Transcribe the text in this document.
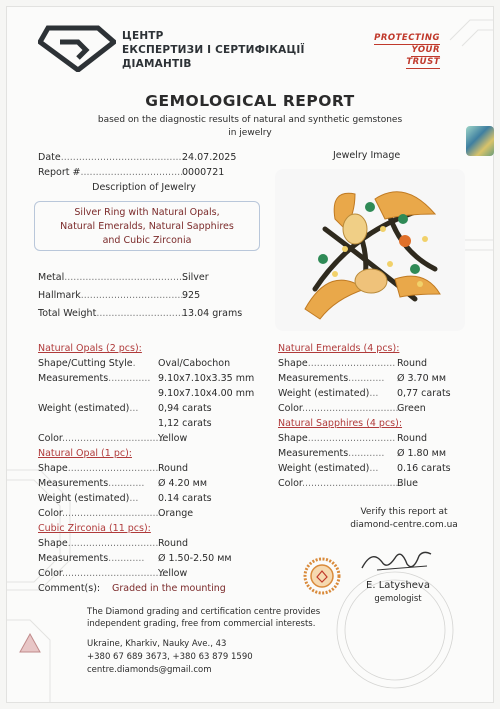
ЦЕНТР
ЕКСПЕРТИЗИ І СЕРТИФІКАЦІЇ
ДІАМАНТІВ
PROTECTING
YOUR
TRUST
GEMOLOGICAL REPORT
based on the diagnostic results of natural and synthetic gemstones
in jewelry
Date..........................................
24.07.2025
Report #...................................
0000721
Description of Jewelry
Silver Ring with Natural Opals,
Natural Emeralds, Natural Sapphires
and Cubic Zirconia
Jewelry Image
Metal.........................................
Silver
Hallmark...................................
925
Total Weight..............................
13.04 grams
Natural Opals (2 pcs):
Shape/Cutting Style. Oval/Cabochon
Measurements.............. 9.10x7.10x3.35 mm
9.10x7.10x4.00 mm
Weight (estimated)... 0,94 carats
1,12 carats
Color..................................
Yellow
Natural Opal (1 pc):
Shape.............................. Round
Measurements............ Ø 4.20 мм
Weight (estimated)... 0.14 carats
Color..................................
Orange
Cubic Zirconia (11 pcs):
Shape.............................. Round
Measurements............ Ø 1.50-2.50 мм
Color..................................
Yellow
Comment(s): Graded in the mounting
Natural Emeralds (4 pcs):
Shape............................. Round
Measurements............ Ø 3.70 мм
Weight (estimated)... 0,77 carats
Color.................................
Green
Natural Sapphires (4 pcs):
Shape............................. Round
Measurements............ Ø 1.80 мм
Weight (estimated)... 0.16 carats
Color.................................
Blue
Verify this report at
diamond-centre.com.ua
E. Latysheva
gemologist
The Diamond grading and certification centre provides
independent grading, free from commercial interests.
Ukraine, Kharkiv, Nauky Ave., 43
+380 67 689 3673, +380 63 879 1590
centre.diamonds@gmail.com
